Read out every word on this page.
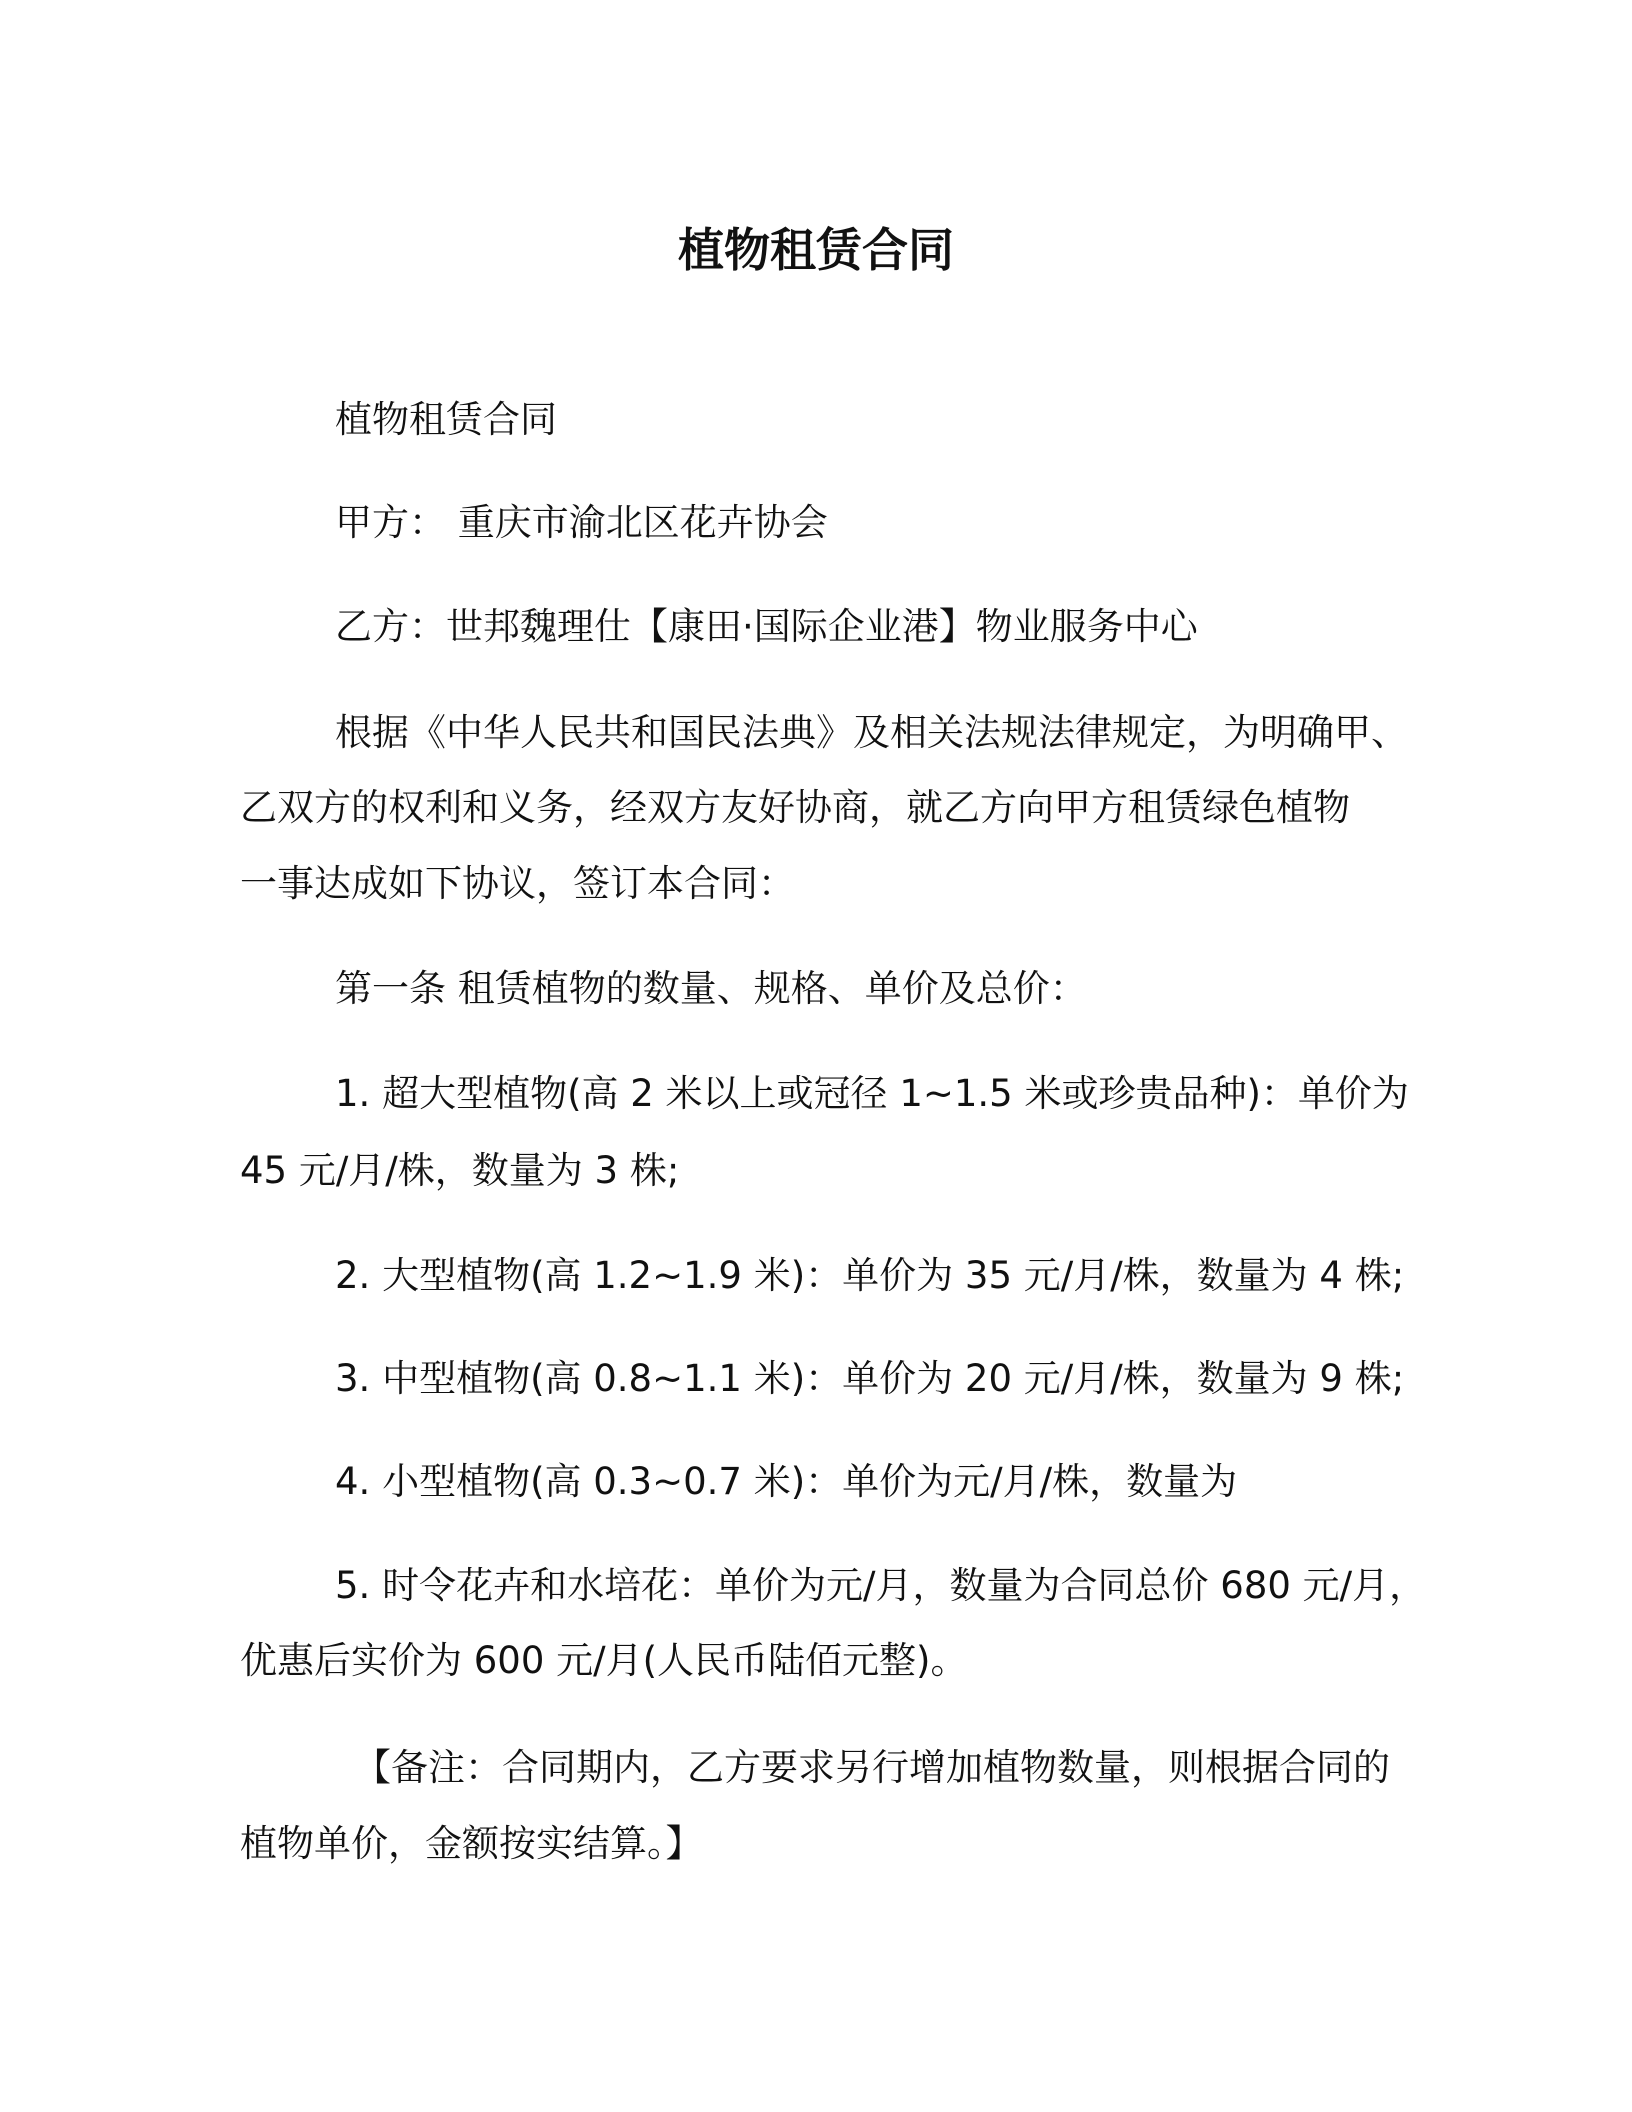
植物租赁合同

植物租赁合同

甲方： 重庆市渝北区花卉协会

乙方：世邦魏理仕【康田·国际企业港】物业服务中心

根据《中华人民共和国民法典》及相关法规法律规定，为明确甲、

乙双方的权利和义务，经双方友好协商，就乙方向甲方租赁绿色植物

一事达成如下协议，签订本合同：

第一条 租赁植物的数量、规格、单价及总价：

1. 超大型植物(高 2 米以上或冠径 1~1.5 米或珍贵品种)：单价为

45 元/月/株，数量为 3 株;

2. 大型植物(高 1.2~1.9 米)：单价为 35 元/月/株，数量为 4 株;

3. 中型植物(高 0.8~1.1 米)：单价为 20 元/月/株，数量为 9 株;

4. 小型植物(高 0.3~0.7 米)：单价为元/月/株，数量为

5. 时令花卉和水培花：单价为元/月，数量为合同总价 680 元/月，

优惠后实价为 600 元/月(人民币陆佰元整)。

【备注：合同期内，乙方要求另行增加植物数量，则根据合同的

植物单价，金额按实结算。】
